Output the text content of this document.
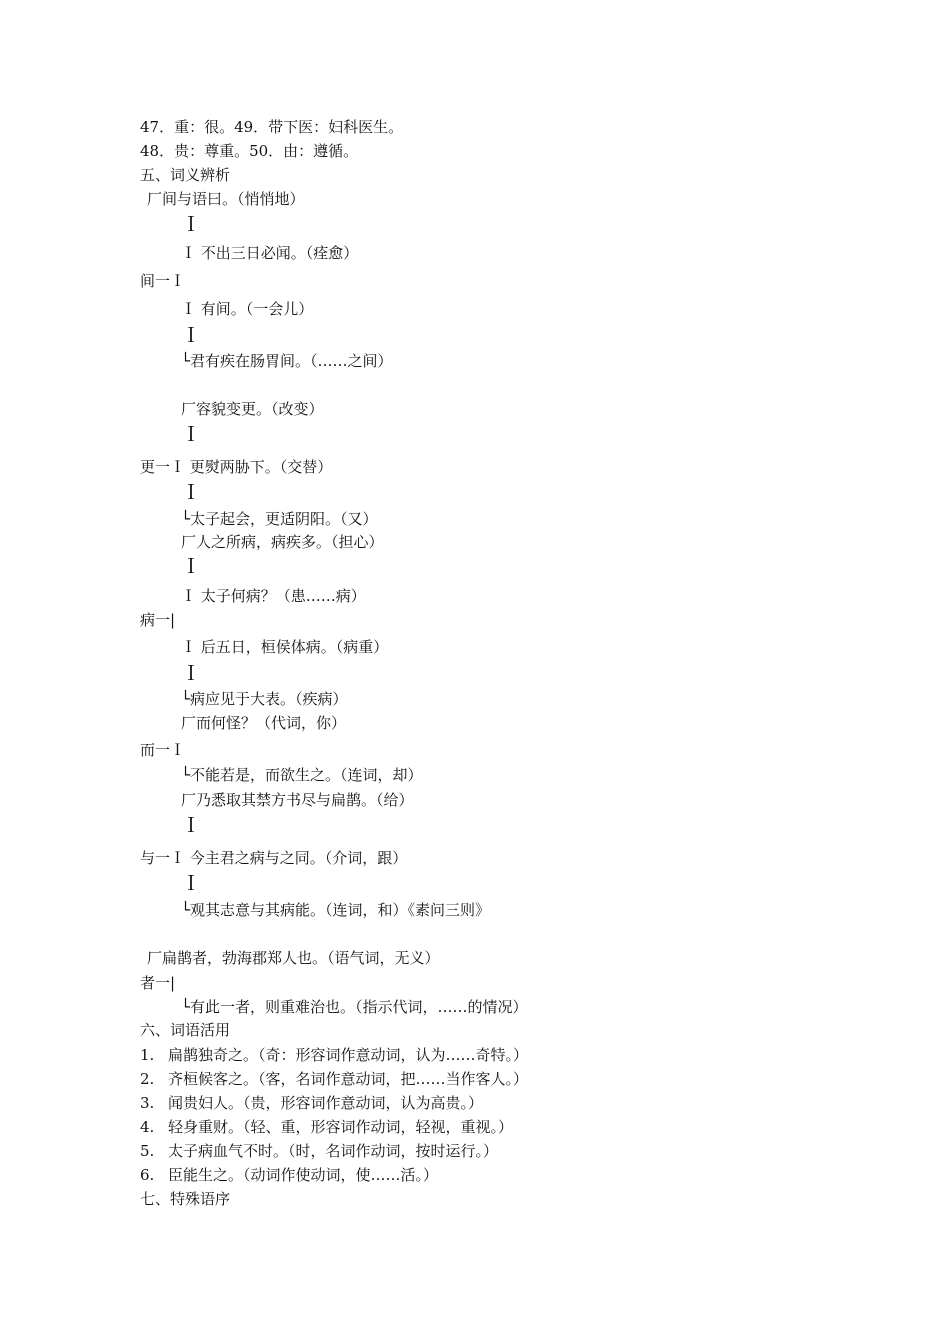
47．重：很。49．带下医：妇科医生。
48．贵：尊重。50．由：遵循。
五、词义辨析
厂间与语曰。（悄悄地）
Ｉ
Ｉ 不出三日必闻。（痊愈）
间一Ｉ
Ｉ 有间。（一会儿）
Ｉ
└君有疾在肠胃间。（……之间）
厂容貌变更。（改变）
Ｉ
更一Ｉ 更熨两胁下。（交替）
Ｉ
└太子起会，更适阴阳。（又）
厂人之所病，病疾多。（担心）
Ｉ
Ｉ 太子何病？（患……病）
病一|
Ｉ 后五日，桓侯体病。（病重）
Ｉ
└病应见于大表。（疾病）
厂而何怪？（代词，你）
而一Ｉ
└不能若是，而欲生之。（连词，却）
厂乃悉取其禁方书尽与扁鹊。（给）
Ｉ
与一Ｉ 今主君之病与之同。（介词，跟）
Ｉ
└观其志意与其病能。（连词，和）《素问三则》
厂扁鹊者，勃海郡郑人也。（语气词，无义）
者一|
└有此一者，则重难治也。（指示代词，……的情况）
六、词语活用
1. 扁鹊独奇之。（奇：形容词作意动词，认为……奇特。）
2. 齐桓候客之。（客，名词作意动词，把……当作客人。）
3. 闻贵妇人。（贵，形容词作意动词，认为高贵。）
4. 轻身重财。（轻、重，形容词作动词，轻视，重视。）
5. 太子病血气不时。（时，名词作动词，按时运行。）
6. 臣能生之。（动词作使动词，使……活。）
七、特殊语序
